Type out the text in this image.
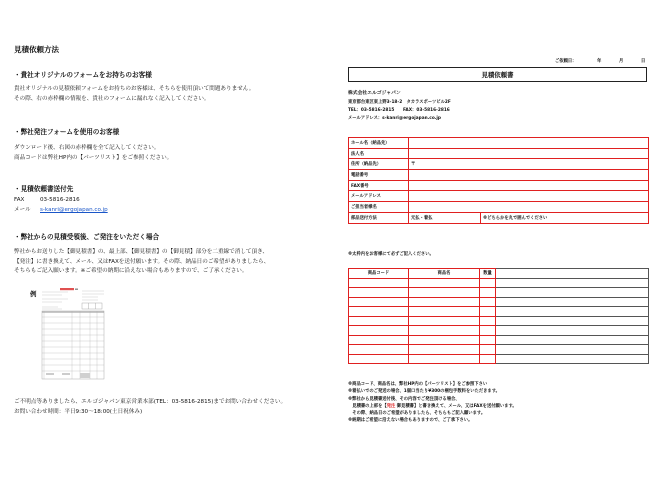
見積依頼方法
・貴社オリジナルのフォームをお持ちのお客様
貴社オリジナルの見積依頼フォームをお持ちのお客様は、そちらを使用頂いて問題ありません。
その際、右の赤枠欄の情報を、貴社のフォームに漏れなく記入してください。
・弊社発注フォームを使用のお客様
ダウンロード後、右図の赤枠欄を全て記入してください。
商品コードは弊社HP内の【パーツリスト】をご参照ください。
・見積依頼書送付先
FAX	03-5816-2816
メール s-kanri@ergojapan.co.jp
・弊社からの見積受領後、ご発注をいただく場合
弊社からお送りした【御見積書】の、最上部、【御見積書】の【御見積】部分を二重線で消して頂き、
【発注】に書き換えて、メール、又はFAXを送付願います。その際、納品日のご希望がありましたら、
そちらもご記入願います。※ご希望の納期に沿えない場合もありますので、ご了承ください。
例
ご不明点等ありましたら、エルゴジャパン東京営業本部(TEL：03-5816-2815)までお問い合わせください。
お問い合わせ時間：平日9:30～18:00(土日祝休み)
ご依頼日：	年	月	日
見積依頼書
株式会社エルゴジャパン
東京都台東区東上野3-18-2　タカラスポーツビル2F
TEL：03-5816-2815　　FAX：03-5816-2816
メールアドレス：s-kanri@ergojapan.co.jp
ホール名（納品先）		
法人名		
住所（納品先）	〒	
電話番号		
FAX番号		
メールアドレス		
ご担当者様名		
部品送付方法	元払・着払	※どちらかを丸で囲んでください
※太枠内をお客様にて必ずご記入ください。
商品コード	商品名	数量	

※商品コード、商品名は、弊社HP内の【パーツリスト】をご参照下さい
※着払いでのご発送の場合、1個口当たり¥300の梱包手数料をいただきます。
※弊社から見積書送付後、その内容でご発注頂ける場合、
　見積書の上部を【発注 御見積書】と書き換えて、メール、又はFAXを送付願います。
　その際、納品日のご希望がありましたら、そちらもご記入願います。
※納期はご希望に沿えない場合もありますので、ご了承下さい。
